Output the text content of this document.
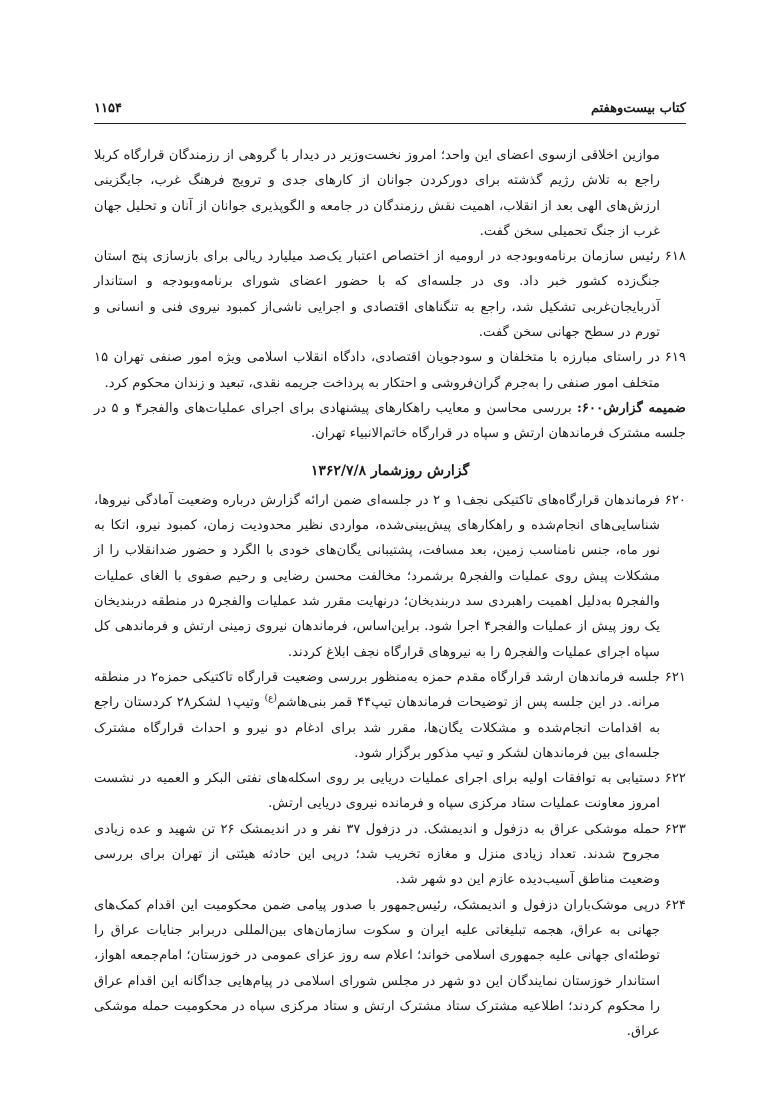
کتاب بیست‌وهفتم
۱۱۵۴

موازین اخلاقی ازسوی اعضای این واحد؛ امروز نخست‌وزیر در دیدار با گروهی از رزمندگان قرارگاه کربلا راجع به تلاش رژیم گذشته برای دورکردن جوانان از کارهای جدی و ترویج فرهنگ غرب، جایگزینی ارزش‌های الهی بعد از انقلاب، اهمیت نقش رزمندگان در جامعه و الگوپذیری جوانان از آنان و تحلیل جهان غرب از جنگ تحمیلی سخن گفت.

۶۱۸
رئیس سازمان برنامه‌وبودجه در ارومیه از اختصاص اعتبار یک‌صد میلیارد ریالی برای بازسازی پنج استان جنگ‌زده کشور خبر داد. وی در جلسه‌ای که با حضور اعضای شورای برنامه‌وبودجه و استاندار آذربایجان‌غربی تشکیل شد، راجع به تنگناهای اقتصادی و اجرایی ناشی‌از کمبود نیروی فنی و انسانی و تورم در سطح جهانی سخن گفت.

۶۱۹
در راستای مبارزه با متخلفان و سودجویان اقتصادی، دادگاه انقلاب اسلامی ویژه امور صنفی تهران ۱۵ متخلف امور صنفی را به‌جرم گران‌فروشی و احتکار به پرداخت جریمه نقدی، تبعید و زندان محکوم کرد.

ضمیمه گزارش۶۰۰: بررسی محاسن و معایب راهکارهای پیشنهادی برای اجرای عملیات‌های والفجر۴ و ۵ در جلسه مشترک فرماندهان ارتش و سپاه در قرارگاه خاتم‌الانبیاء تهران.

گزارش روزشمار ۱۳۶۲/۷/۸

۶۲۰
فرماندهان قرارگاه‌های تاکتیکی نجف۱ و ۲ در جلسه‌ای ضمن ارائه گزارش درباره وضعیت آمادگی نیروها، شناسایی‌های انجام‌شده و راهکارهای پیش‌بینی‌شده، مواردی نظیر محدودیت زمان، کمبود نیرو، اتکا به نور ماه، جنس نامناسب زمین، بعد مسافت، پشتیبانی یگان‌های خودی با الگرد و حضور ضدانقلاب را از مشکلات پیش روی عملیات والفجر۵ برشمرد؛ مخالفت محسن رضایی و رحیم صفوی با الغای عملیات والفجر۵ به‌دلیل اهمیت راهبردی سد دربندیخان؛ درنهایت مقرر شد عملیات والفجر۵ در منطقه دربندیخان یک روز پیش از عملیات والفجر۴ اجرا شود. براین‌اساس، فرماندهان نیروی زمینی ارتش و فرماندهی کل سپاه اجرای عملیات والفجر۵ را به نیروهای قرارگاه نجف ابلاغ کردند.

۶۲۱
جلسه فرماندهان ارشد قرارگاه مقدم حمزه به‌منظور بررسی وضعیت قرارگاه تاکتیکی حمزه۲ در منطقه مرانه. در این جلسه پس از توضیحات فرماندهان تیپ۴۴ قمر بنی‌هاشم$^{(ع)}$ وتیپ۱ لشکر۲۸ کردستان راجع به اقدامات انجام‌شده و مشکلات یگان‌ها، مقرر شد برای ادغام دو نیرو و احداث قرارگاه مشترک جلسه‌ای بین فرماندهان لشکر و تیپ مذکور برگزار شود.

۶۲۲
دستیابی به توافقات اولیه برای اجرای عملیات دریایی بر روی اسکله‌های نفتی البکر و العمیه در نشست امروز معاونت عملیات ستاد مرکزی سپاه و فرمانده نیروی دریایی ارتش.

۶۲۳
حمله موشکی عراق به دزفول و اندیمشک. در دزفول ۳۷ نفر و در اندیمشک ۲۶ تن شهید و عده زیادی مجروح شدند. تعداد زیادی منزل و مغازه تخریب شد؛ درپی این حادثه هیئتی از تهران برای بررسی وضعیت مناطق آسیب‌دیده عازم این دو شهر شد.

۶۲۴
درپی موشک‌باران دزفول و اندیمشک، رئیس‌جمهور با صدور پیامی ضمن محکومیت این اقدام کمک‌های جهانی به عراق، هجمه تبلیغاتی علیه ایران و سکوت سازمان‌های بین‌المللی دربرابر جنایات عراق را توطئه‌ای جهانی علیه جمهوری اسلامی خواند؛ اعلام سه روز عزای عمومی در خوزستان؛ امام‌جمعه اهواز، استاندار خوزستان نمایندگان این دو شهر در مجلس شورای اسلامی در پیام‌هایی جداگانه این اقدام عراق را محکوم کردند؛ اطلاعیه مشترک ستاد مشترک ارتش و ستاد مرکزی سپاه در محکومیت حمله موشکی عراق.
